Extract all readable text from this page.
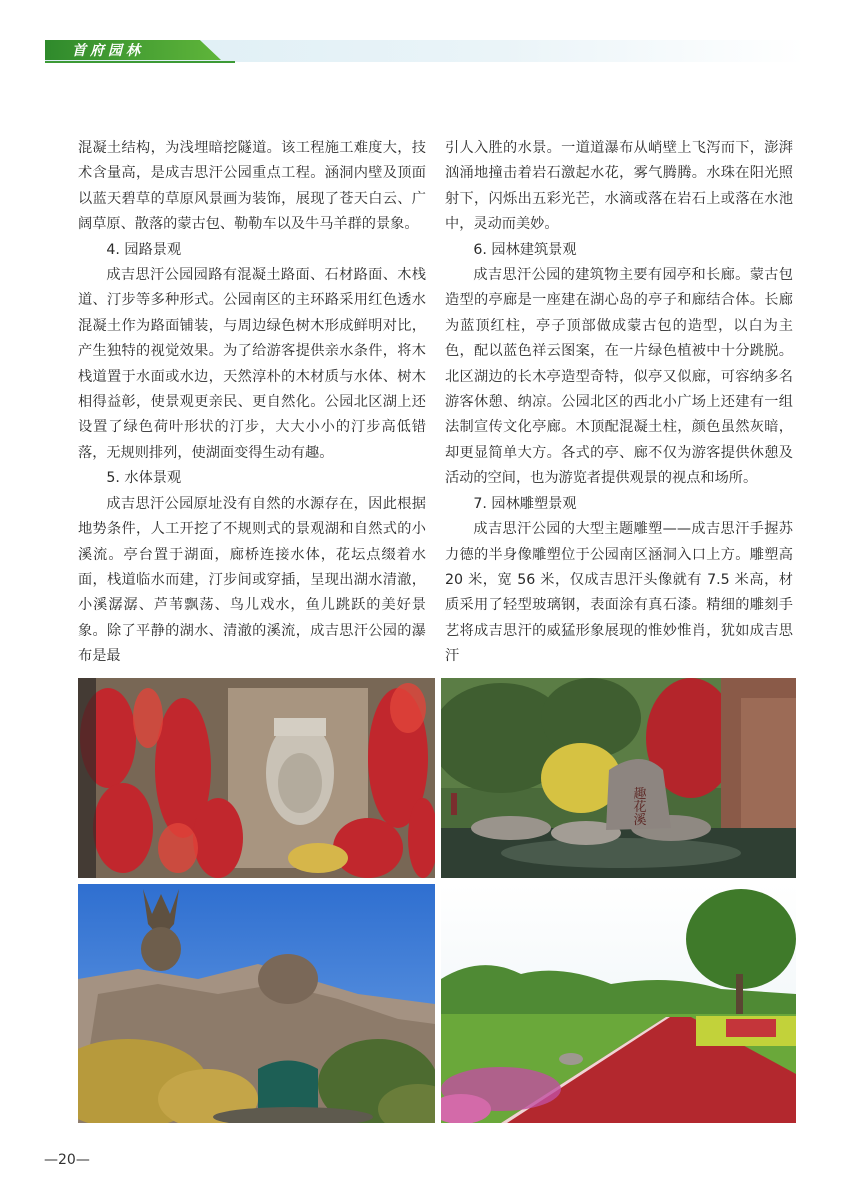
首府园林

混凝土结构，为浅埋暗挖隧道。该工程施工难度大，技术含量高，是成吉思汗公园重点工程。涵洞内壁及顶面以蓝天碧草的草原风景画为装饰，展现了苍天白云、广阔草原、散落的蒙古包、勒勒车以及牛马羊群的景象。

4. 园路景观

成吉思汗公园园路有混凝土路面、石材路面、木栈道、汀步等多种形式。公园南区的主环路采用红色透水混凝土作为路面铺装，与周边绿色树木形成鲜明对比，产生独特的视觉效果。为了给游客提供亲水条件，将木栈道置于水面或水边，天然淳朴的木材质与水体、树木相得益彰，使景观更亲民、更自然化。公园北区湖上还设置了绿色荷叶形状的汀步，大大小小的汀步高低错落，无规则排列，使湖面变得生动有趣。

5. 水体景观

成吉思汗公园原址没有自然的水源存在，因此根据地势条件，人工开挖了不规则式的景观湖和自然式的小溪流。亭台置于湖面，廊桥连接水体，花坛点缀着水面，栈道临水而建，汀步间或穿插，呈现出湖水清澈，小溪潺潺、芦苇飘荡、鸟儿戏水，鱼儿跳跃的美好景象。除了平静的湖水、清澈的溪流，成吉思汗公园的瀑布是最

引人入胜的水景。一道道瀑布从峭壁上飞泻而下，澎湃汹涌地撞击着岩石激起水花，雾气腾腾。水珠在阳光照射下，闪烁出五彩光芒，水滴或落在岩石上或落在水池中，灵动而美妙。

6. 园林建筑景观

成吉思汗公园的建筑物主要有园亭和长廊。蒙古包造型的亭廊是一座建在湖心岛的亭子和廊结合体。长廊为蓝顶红柱，亭子顶部做成蒙古包的造型，以白为主色，配以蓝色祥云图案，在一片绿色植被中十分跳脱。北区湖边的长木亭造型奇特，似亭又似廊，可容纳多名游客休憩、纳凉。公园北区的西北小广场上还建有一组法制宣传文化亭廊。木顶配混凝土柱，颜色虽然灰暗，却更显简单大方。各式的亭、廊不仅为游客提供休憩及活动的空间，也为游览者提供观景的视点和场所。

7. 园林雕塑景观

成吉思汗公园的大型主题雕塑——成吉思汗手握苏力德的半身像雕塑位于公园南区涵洞入口上方。雕塑高 20 米，宽 56 米，仅成吉思汗头像就有 7.5 米高，材质采用了轻型玻璃钢，表面涂有真石漆。精细的雕刻手艺将成吉思汗的威猛形象展现的惟妙惟肖，犹如成吉思汗

趣花溪
—20—
